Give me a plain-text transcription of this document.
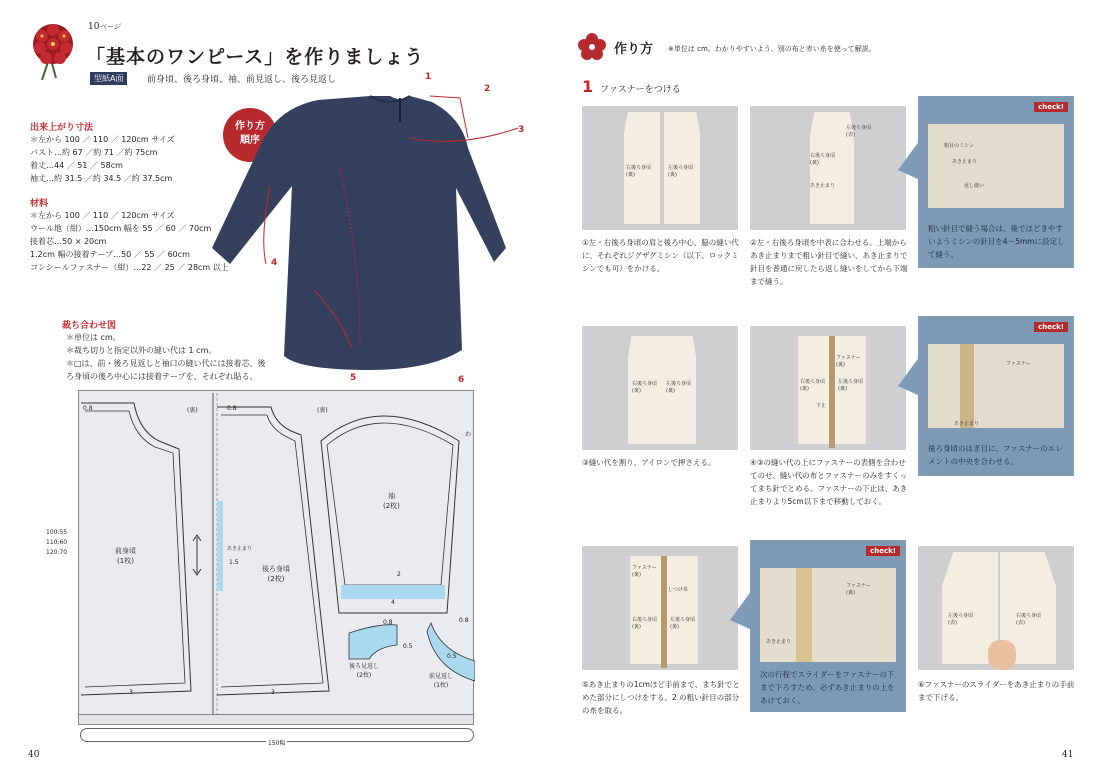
10ページ
「基本のワンピース」を作りましょう
型紙A面	前身頃、後ろ身頃、袖、前見返し、後ろ見返し
出来上がり寸法
＊左から 100 ／ 110 ／ 120cm サイズ
バスト…約 67 ／約 71 ／約 75cm
着丈…44 ／ 51 ／ 58cm
袖丈…約 31.5 ／約 34.5 ／約 37.5cm
材料
＊左から 100 ／ 110 ／ 120cm サイズ
ウール地（紺）…150cm 幅を 55 ／ 60 ／ 70cm
接着芯…50 × 20cm
1.2cm 幅の接着テープ…50 ／ 55 ／ 60cm
コンシールファスナー（紺）…22 ／ 25 ／ 28cm 以上
作り方
順序
1
2
3
4
5	6
裁ち合わせ図
＊単位は cm。
＊裁ち切りと指定以外の縫い代は 1 cm。
＊□は、前・後ろ見返しと袖口の縫い代には接着芯、後
ろ身頃の後ろ中心には接着テープを、それぞれ貼る。
前身頃
(1枚)
後ろ身頃
(2枚)
袖
(2枚)
後ろ見返し
(2枚)	前見返し
(1枚)
あき止まり
わ
(裏)	(裏)
0.8	0.8
1.5
3	3
2
4
0.8
0.5
0.8
0.5
100:55
110:60
120:70
150幅
40
作り方 ※単位は cm。わかりやすいよう、別の布と赤い糸を使って解説。
1 ファスナーをつける
右後ろ身頃
(裏)
左後ろ身頃
(裏)
①左・右後ろ身頃の肩と後ろ中心、脇の縫い代に、それぞれジグザグミシン（以下、ロックミシンでも可）をかける。
左後ろ身頃
(表)
右後ろ身頃
(裏)
あき止まり
②左・右後ろ身頃を中表に合わせる。上端からあき止まりまで粗い針目で縫い、あき止まりで針目を普通に戻したら返し縫いをしてから下端まで縫う。
check!
粗目のミシン
あき止まり
返し縫い
粗い針目で縫う場合は、後でほどきやすいようミシンの針目を4〜5mmに設定して縫う。
右後ろ身頃
(裏)
左後ろ身頃
(裏)
③縫い代を割り、アイロンで押さえる。
ファスナー
(裏)
右後ろ身頃
(裏)
左後ろ身頃
(裏)
下止
④③の縫い代の上にファスナーの表側を合わせてのせ、縫い代の布とファスナーのみをすくってまち針でとめる。ファスナーの下止は、あき止まりより5cm以下まで移動しておく。
check!
ファスナー
あき止まり
後ろ身頃のはぎ目に、ファスナーのエレメントの中央を合わせる。
ファスナー
(裏)
しつけ糸
右後ろ身頃
(裏)
左後ろ身頃
(裏)
⑤あき止まりの1cmほど手前まで、まち針でとめた部分にしつけをする。2 の粗い針目の部分の糸を取る。
check!
ファスナー
(裏)
あき止まり
次の行程でスライダーをファスナーの下まで下ろすため、必ずあき止まりの上をあけておく。
左後ろ身頃
(表)
右後ろ身頃
(表)
⑥ファスナーのスライダーをあき止まりの手前まで下げる。
41
